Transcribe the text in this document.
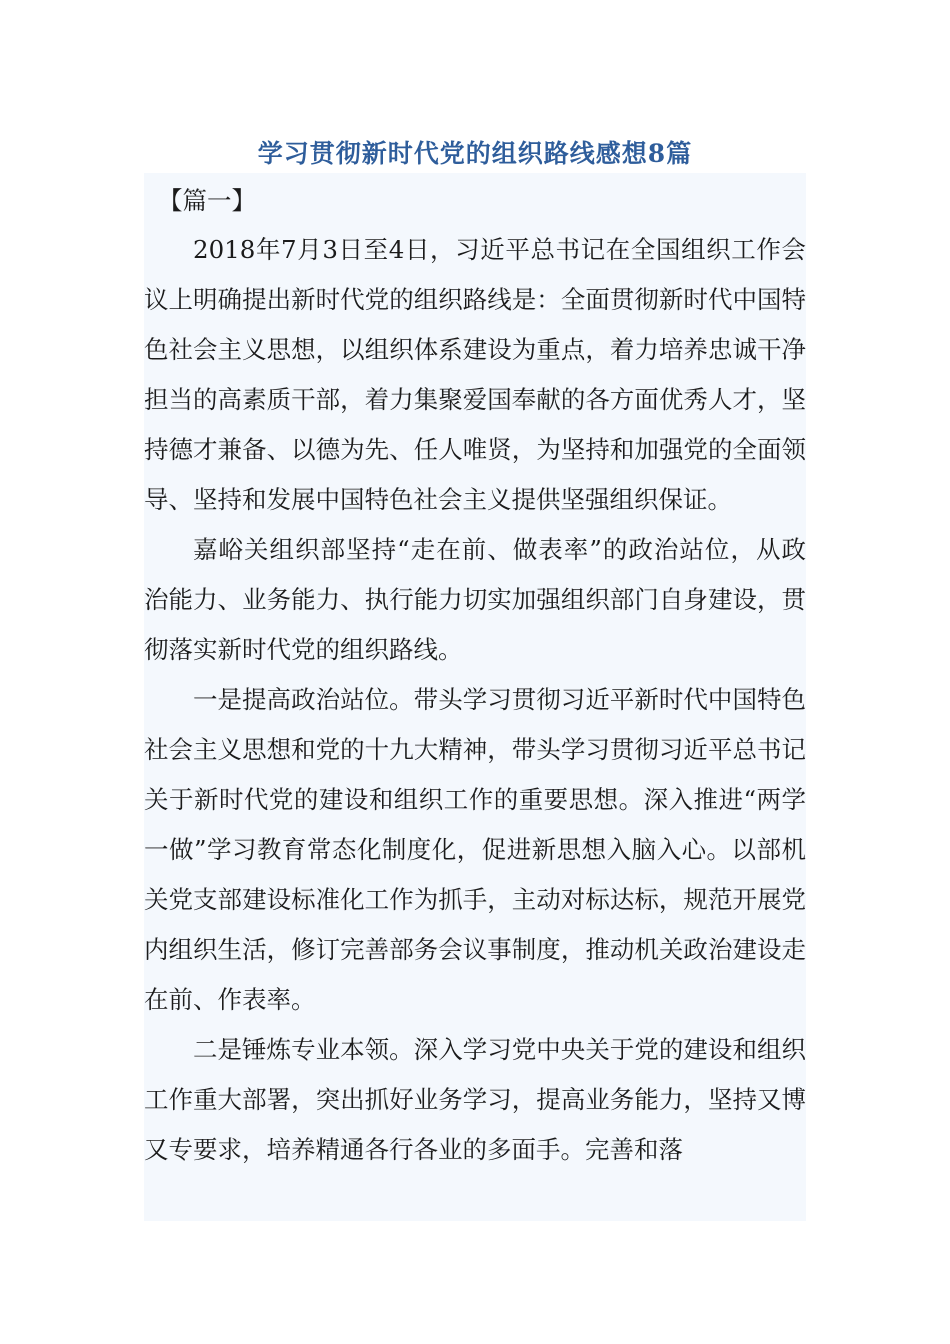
学习贯彻新时代党的组织路线感想8篇

【篇一】

2018年7月3日至4日，习近平总书记在全国组织工作会议上明确提出新时代党的组织路线是：全面贯彻新时代中国特色社会主义思想，以组织体系建设为重点，着力培养忠诚干净担当的高素质干部，着力集聚爱国奉献的各方面优秀人才，坚持德才兼备、以德为先、任人唯贤，为坚持和加强党的全面领导、坚持和发展中国特色社会主义提供坚强组织保证。

嘉峪关组织部坚持“走在前、做表率”的政治站位，从政治能力、业务能力、执行能力切实加强组织部门自身建设，贯彻落实新时代党的组织路线。

一是提高政治站位。带头学习贯彻习近平新时代中国特色社会主义思想和党的十九大精神，带头学习贯彻习近平总书记关于新时代党的建设和组织工作的重要思想。深入推进“两学一做”学习教育常态化制度化，促进新思想入脑入心。以部机关党支部建设标准化工作为抓手，主动对标达标，规范开展党内组织生活，修订完善部务会议事制度，推动机关政治建设走在前、作表率。

二是锤炼专业本领。深入学习党中央关于党的建设和组织工作重大部署，突出抓好业务学习，提高业务能力，坚持又博又专要求，培养精通各行各业的多面手。完善和落
